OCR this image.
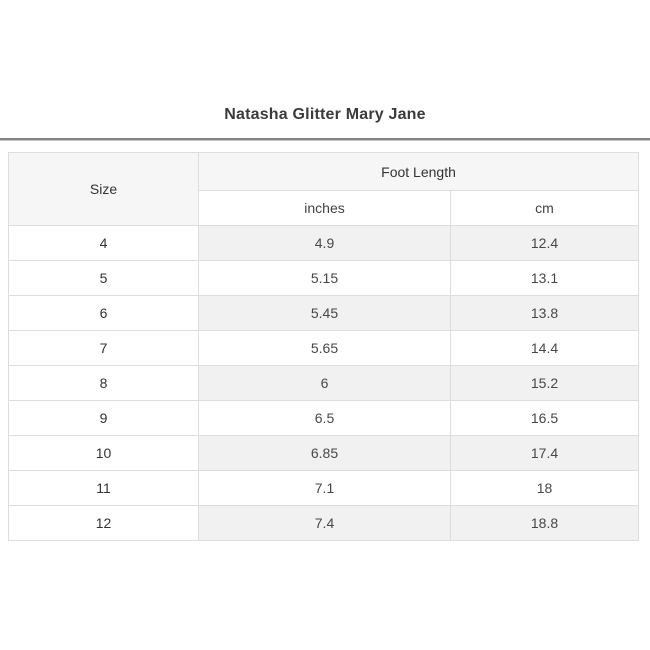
Natasha Glitter Mary Jane
Size	Foot Length	
	inches	cm
4	4.9	12.4
5	5.15	13.1
6	5.45	13.8
7	5.65	14.4
8	6	15.2
9	6.5	16.5
10	6.85	17.4
11	7.1	18
12	7.4	18.8
